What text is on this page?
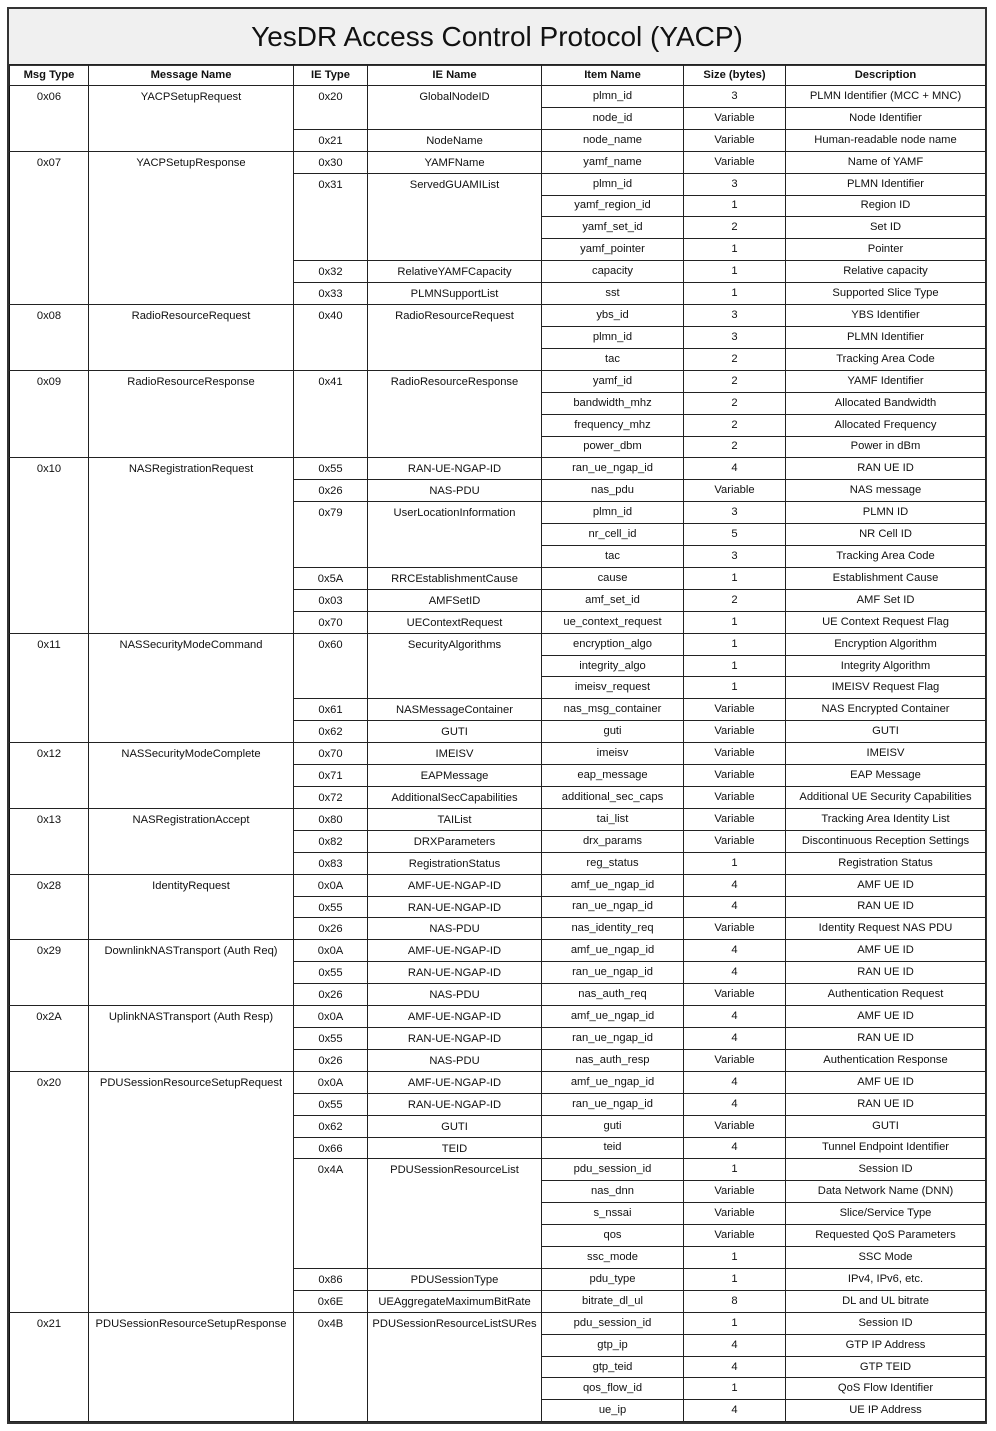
YesDR Access Control Protocol (YACP)
Msg Type	Message Name	IE Type	IE Name	Item Name	Size (bytes)	Description
0x06	YACPSetupRequest	0x20	GlobalNodeID	plmn_id	3	PLMN Identifier (MCC + MNC)
				node_id	Variable	Node Identifier
		0x21	NodeName	node_name	Variable	Human-readable node name
0x07	YACPSetupResponse	0x30	YAMFName	yamf_name	Variable	Name of YAMF
		0x31	ServedGUAMIList	plmn_id	3	PLMN Identifier
				yamf_region_id	1	Region ID
				yamf_set_id	2	Set ID
				yamf_pointer	1	Pointer
		0x32	RelativeYAMFCapacity	capacity	1	Relative capacity
		0x33	PLMNSupportList	sst	1	Supported Slice Type
0x08	RadioResourceRequest	0x40	RadioResourceRequest	ybs_id	3	YBS Identifier
				plmn_id	3	PLMN Identifier
				tac	2	Tracking Area Code
0x09	RadioResourceResponse	0x41	RadioResourceResponse	yamf_id	2	YAMF Identifier
				bandwidth_mhz	2	Allocated Bandwidth
				frequency_mhz	2	Allocated Frequency
				power_dbm	2	Power in dBm
0x10	NASRegistrationRequest	0x55	RAN-UE-NGAP-ID	ran_ue_ngap_id	4	RAN UE ID
		0x26	NAS-PDU	nas_pdu	Variable	NAS message
		0x79	UserLocationInformation	plmn_id	3	PLMN ID
				nr_cell_id	5	NR Cell ID
				tac	3	Tracking Area Code
		0x5A	RRCEstablishmentCause	cause	1	Establishment Cause
		0x03	AMFSetID	amf_set_id	2	AMF Set ID
		0x70	UEContextRequest	ue_context_request	1	UE Context Request Flag
0x11	NASSecurityModeCommand	0x60	SecurityAlgorithms	encryption_algo	1	Encryption Algorithm
				integrity_algo	1	Integrity Algorithm
				imeisv_request	1	IMEISV Request Flag
		0x61	NASMessageContainer	nas_msg_container	Variable	NAS Encrypted Container
		0x62	GUTI	guti	Variable	GUTI
0x12	NASSecurityModeComplete	0x70	IMEISV	imeisv	Variable	IMEISV
		0x71	EAPMessage	eap_message	Variable	EAP Message
		0x72	AdditionalSecCapabilities	additional_sec_caps	Variable	Additional UE Security Capabilities
0x13	NASRegistrationAccept	0x80	TAIList	tai_list	Variable	Tracking Area Identity List
		0x82	DRXParameters	drx_params	Variable	Discontinuous Reception Settings
		0x83	RegistrationStatus	reg_status	1	Registration Status
0x28	IdentityRequest	0x0A	AMF-UE-NGAP-ID	amf_ue_ngap_id	4	AMF UE ID
		0x55	RAN-UE-NGAP-ID	ran_ue_ngap_id	4	RAN UE ID
		0x26	NAS-PDU	nas_identity_req	Variable	Identity Request NAS PDU
0x29	DownlinkNASTransport (Auth Req)	0x0A	AMF-UE-NGAP-ID	amf_ue_ngap_id	4	AMF UE ID
		0x55	RAN-UE-NGAP-ID	ran_ue_ngap_id	4	RAN UE ID
		0x26	NAS-PDU	nas_auth_req	Variable	Authentication Request
0x2A	UplinkNASTransport (Auth Resp)	0x0A	AMF-UE-NGAP-ID	amf_ue_ngap_id	4	AMF UE ID
		0x55	RAN-UE-NGAP-ID	ran_ue_ngap_id	4	RAN UE ID
		0x26	NAS-PDU	nas_auth_resp	Variable	Authentication Response
0x20	PDUSessionResourceSetupRequest	0x0A	AMF-UE-NGAP-ID	amf_ue_ngap_id	4	AMF UE ID
		0x55	RAN-UE-NGAP-ID	ran_ue_ngap_id	4	RAN UE ID
		0x62	GUTI	guti	Variable	GUTI
		0x66	TEID	teid	4	Tunnel Endpoint Identifier
		0x4A	PDUSessionResourceList	pdu_session_id	1	Session ID
				nas_dnn	Variable	Data Network Name (DNN)
				s_nssai	Variable	Slice/Service Type
				qos	Variable	Requested QoS Parameters
				ssc_mode	1	SSC Mode
		0x86	PDUSessionType	pdu_type	1	IPv4, IPv6, etc.
		0x6E	UEAggregateMaximumBitRate	bitrate_dl_ul	8	DL and UL bitrate
0x21	PDUSessionResourceSetupResponse	0x4B	PDUSessionResourceListSURes	pdu_session_id	1	Session ID
				gtp_ip	4	GTP IP Address
				gtp_teid	4	GTP TEID
				qos_flow_id	1	QoS Flow Identifier
				ue_ip	4	UE IP Address
